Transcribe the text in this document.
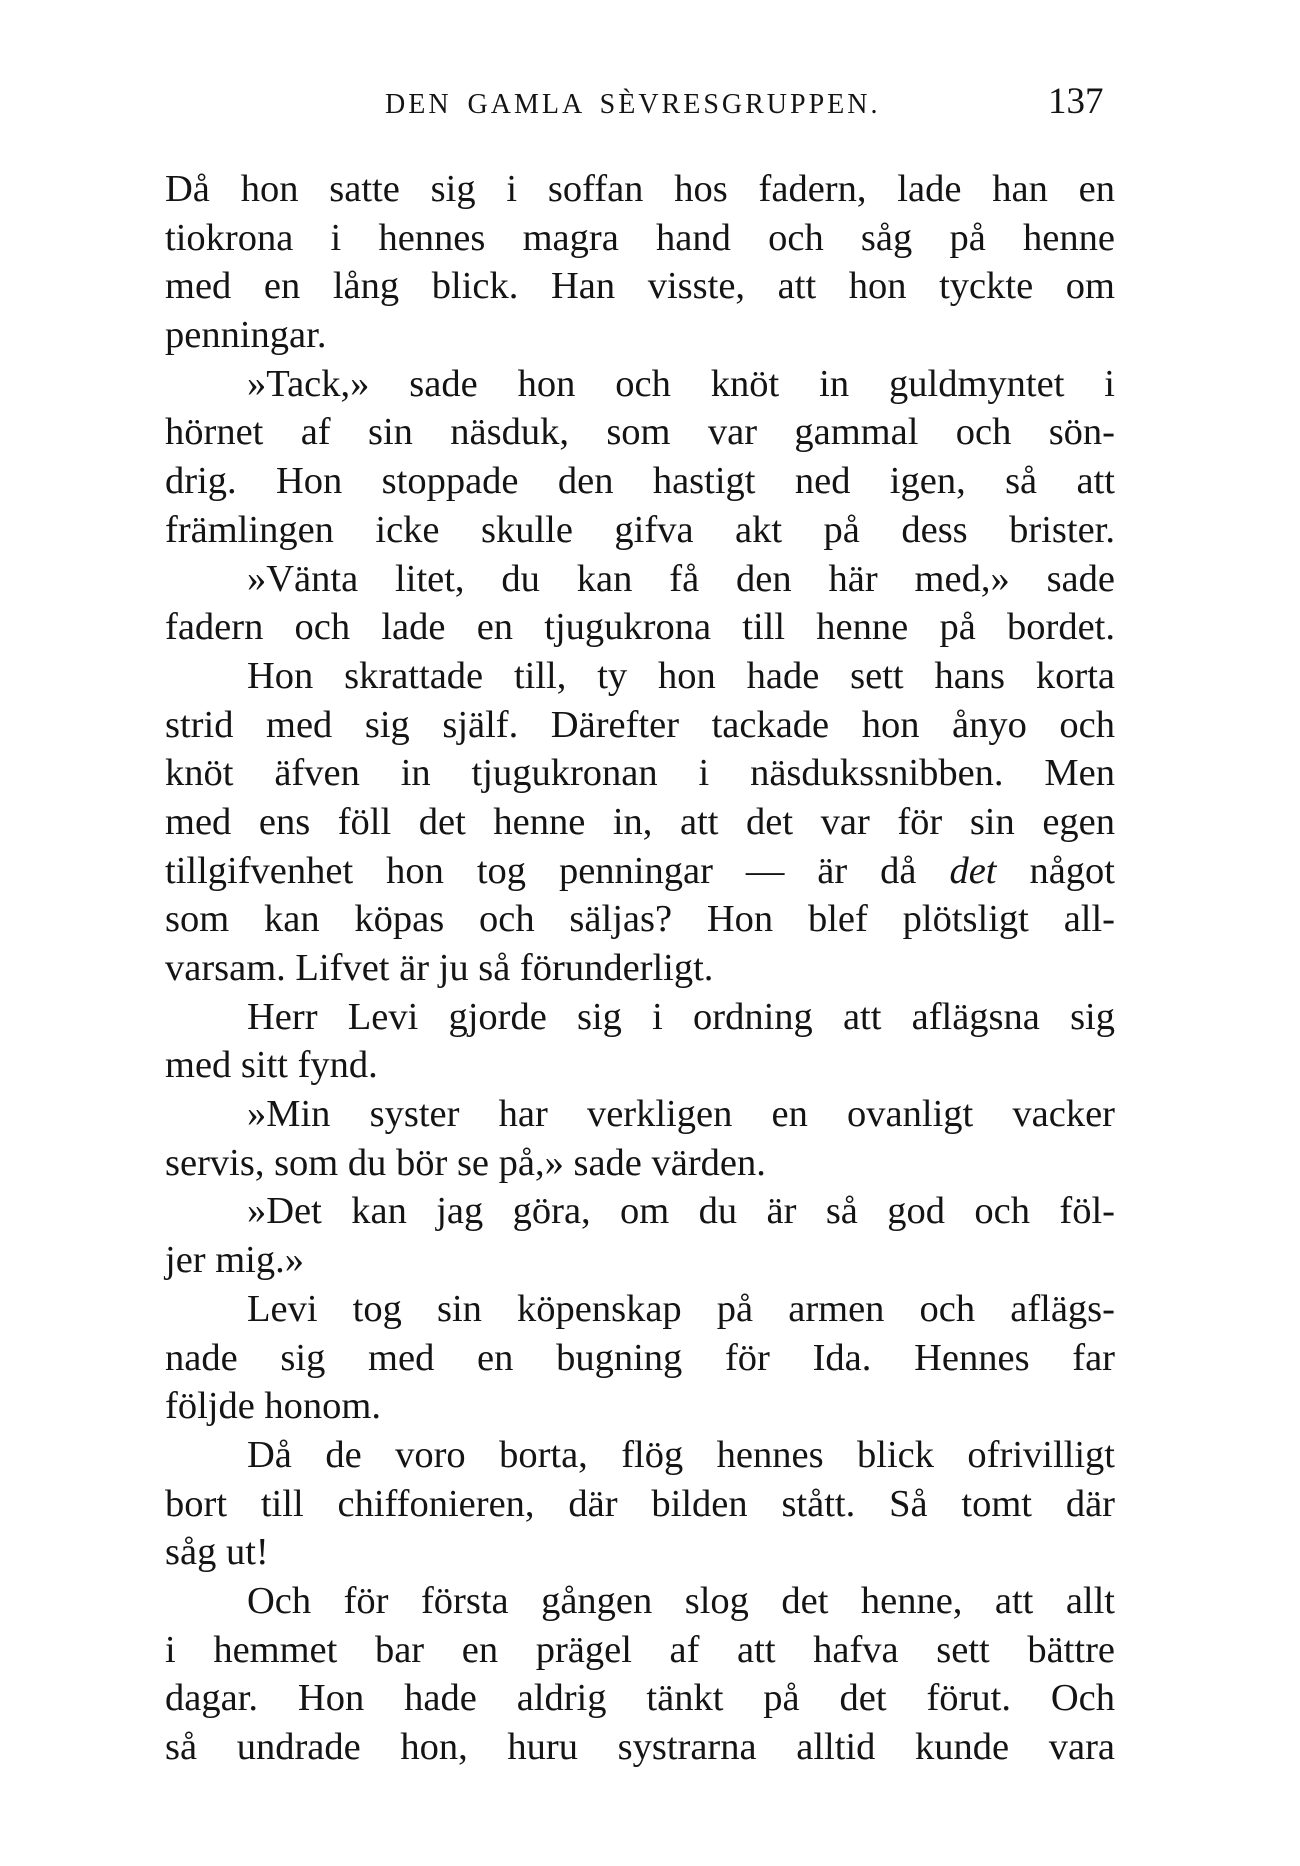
DEN GAMLA SÈVRESGRUPPEN.	137
Då hon satte sig i soffan hos fadern, lade han en
tiokrona i hennes magra hand och såg på henne
med en lång blick. Han visste, att hon tyckte om
penningar.
»Tack,» sade hon och knöt in guldmyntet i
hörnet af sin näsduk, som var gammal och sön-
drig. Hon stoppade den hastigt ned igen, så att
främlingen icke skulle gifva akt på dess brister.
»Vänta litet, du kan få den här med,» sade
fadern och lade en tjugukrona till henne på bordet.
Hon skrattade till, ty hon hade sett hans korta
strid med sig själf. Därefter tackade hon ånyo och
knöt äfven in tjugukronan i näsdukssnibben. Men
med ens föll det henne in, att det var för sin egen
tillgifvenhet hon tog penningar — är då det något
som kan köpas och säljas? Hon blef plötsligt all-
varsam. Lifvet är ju så förunderligt.
Herr Levi gjorde sig i ordning att aflägsna sig
med sitt fynd.
»Min syster har verkligen en ovanligt vacker
servis, som du bör se på,» sade värden.
»Det kan jag göra, om du är så god och föl-
jer mig.»
Levi tog sin köpenskap på armen och aflägs-
nade sig med en bugning för Ida. Hennes far
följde honom.
Då de voro borta, flög hennes blick ofrivilligt
bort till chiffonieren, där bilden stått. Så tomt där
såg ut!
Och för första gången slog det henne, att allt
i hemmet bar en prägel af att hafva sett bättre
dagar. Hon hade aldrig tänkt på det förut. Och
så undrade hon, huru systrarna alltid kunde vara
